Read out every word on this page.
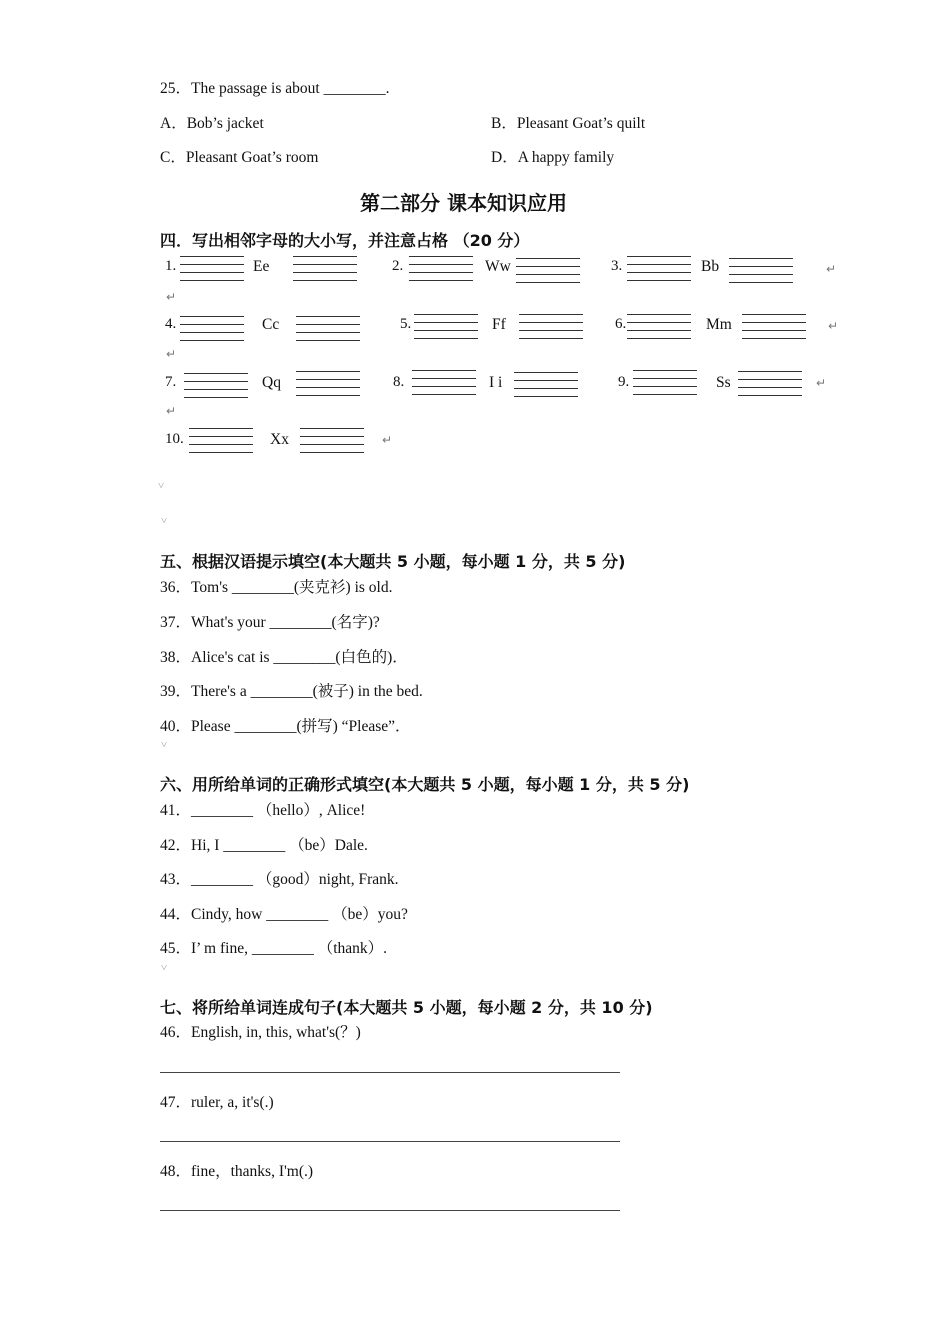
25．The passage is about ________.
A．Bob’s jacket	B．Pleasant Goat’s quilt
C．Pleasant Goat’s room	D．A happy family
第二部分 课本知识应用
四．写出相邻字母的大小写，并注意占格 （20 分）
1.	Ee	2.	Ww	3.	Bb	↵
↵
4.	Cc	5.	Ff	6.	Mm	↵
↵
7.	Qq	8.	I i	9.	Ss	↵
↵
10.	Xx	↵
˅
˅
五、根据汉语提示填空(本大题共 5 小题，每小题 1 分，共 5 分)
36．Tom's ________(夹克衫) is old.
37．What's your ________(名字)?
38．Alice's cat is ________(白色的)．
39．There's a ________(被子) in the bed.
40．Please ________(拼写) “Please”．
˅
六、用所给单词的正确形式填空(本大题共 5 小题，每小题 1 分，共 5 分)
41．________ （hello）, Alice!
42．Hi, I ________ （be）Dale.
43．________ （good）night, Frank.
44．Cindy, how ________ （be）you?
45．I’ m fine, ________ （thank）.
˅
七、将所给单词连成句子(本大题共 5 小题，每小题 2 分，共 10 分)
46．English, in, this, what's(？)
47．ruler, a, it's(.)
48．fine，thanks, I'm(.)
